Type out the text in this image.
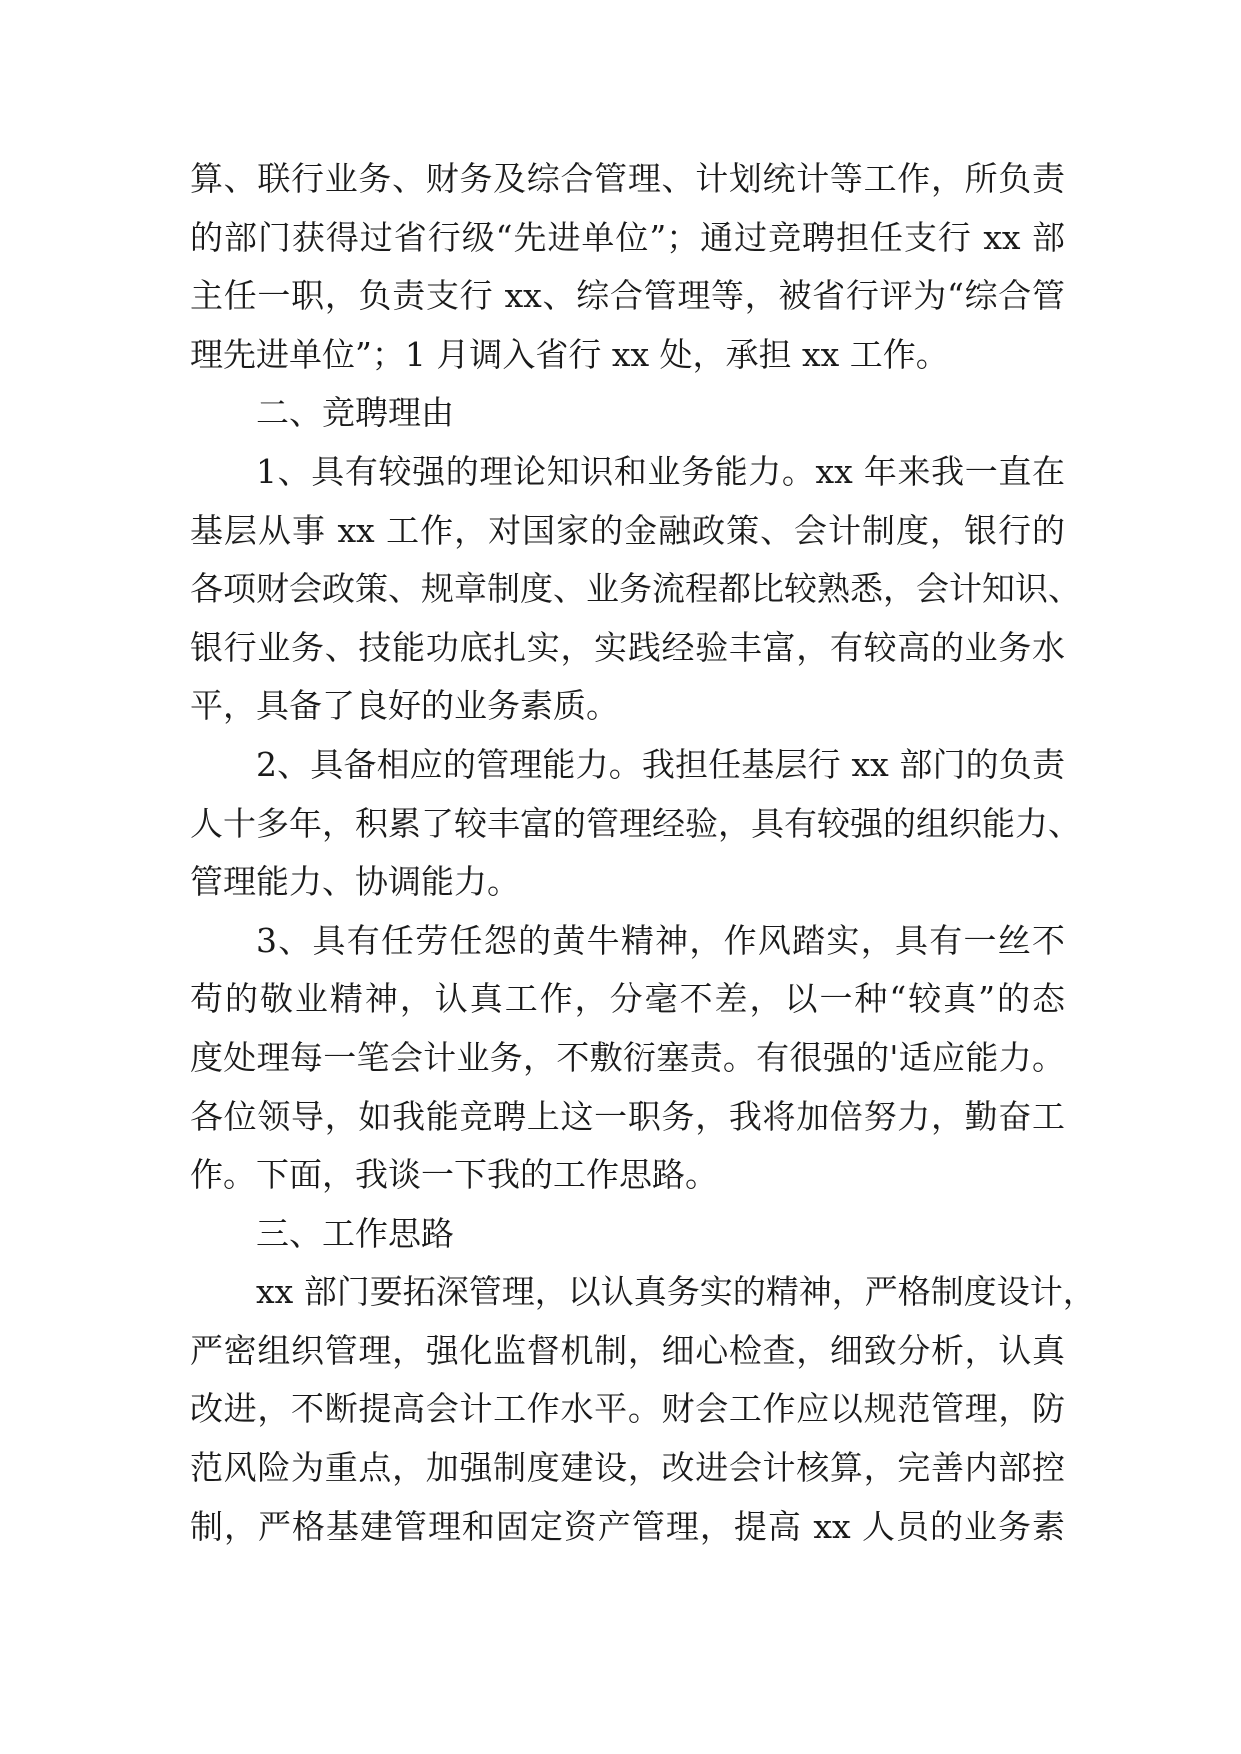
算、联行业务、财务及综合管理、计划统计等工作，所负责
的部门获得过省行级“先进单位”；通过竞聘担任支行 xx 部
主任一职，负责支行 xx、综合管理等，被省行评为“综合管
理先进单位”；1 月调入省行 xx 处，承担 xx 工作。
二、竞聘理由
1、具有较强的理论知识和业务能力。xx 年来我一直在
基层从事 xx 工作，对国家的金融政策、会计制度，银行的
各项财会政策、规章制度、业务流程都比较熟悉，会计知识、
银行业务、技能功底扎实，实践经验丰富，有较高的业务水
平，具备了良好的业务素质。
2、具备相应的管理能力。我担任基层行 xx 部门的负责
人十多年，积累了较丰富的管理经验，具有较强的组织能力、
管理能力、协调能力。
3、具有任劳任怨的黄牛精神，作风踏实，具有一丝不
苟的敬业精神，认真工作，分毫不差，以一种“较真”的态
度处理每一笔会计业务，不敷衍塞责。有很强的'适应能力。
各位领导，如我能竞聘上这一职务，我将加倍努力，勤奋工
作。下面，我谈一下我的工作思路。
三、工作思路
xx 部门要拓深管理，以认真务实的精神，严格制度设计，
严密组织管理，强化监督机制，细心检查，细致分析，认真
改进，不断提高会计工作水平。财会工作应以规范管理，防
范风险为重点，加强制度建设，改进会计核算，完善内部控
制，严格基建管理和固定资产管理，提高 xx 人员的业务素
